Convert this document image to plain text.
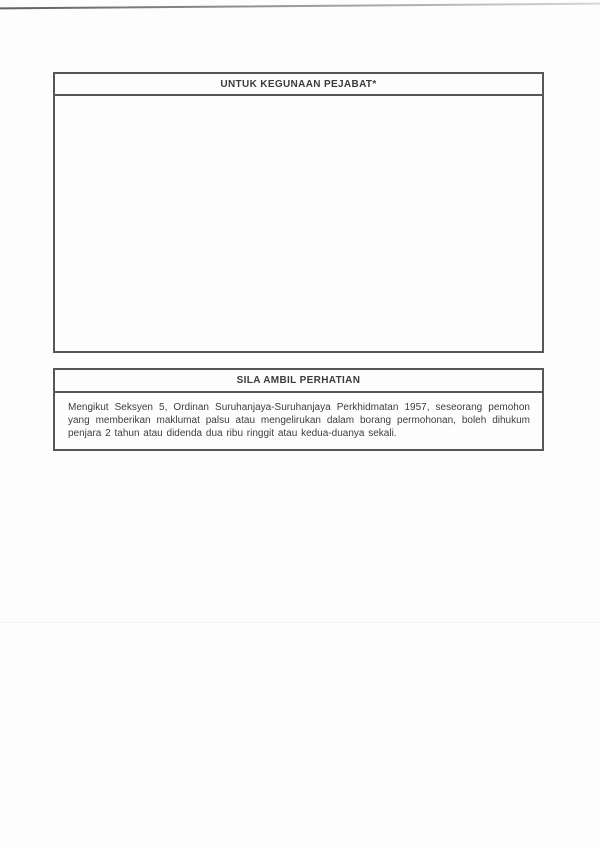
UNTUK KEGUNAAN PEJABAT*
SILA AMBIL PERHATIAN
Mengikut Seksyen 5, Ordinan Suruhanjaya-Suruhanjaya Perkhidmatan 1957, seseorang pemohon yang memberikan maklumat palsu atau mengelirukan dalam borang permohonan, boleh dihukum penjara 2 tahun atau didenda dua ribu ringgit atau kedua-duanya sekali.
